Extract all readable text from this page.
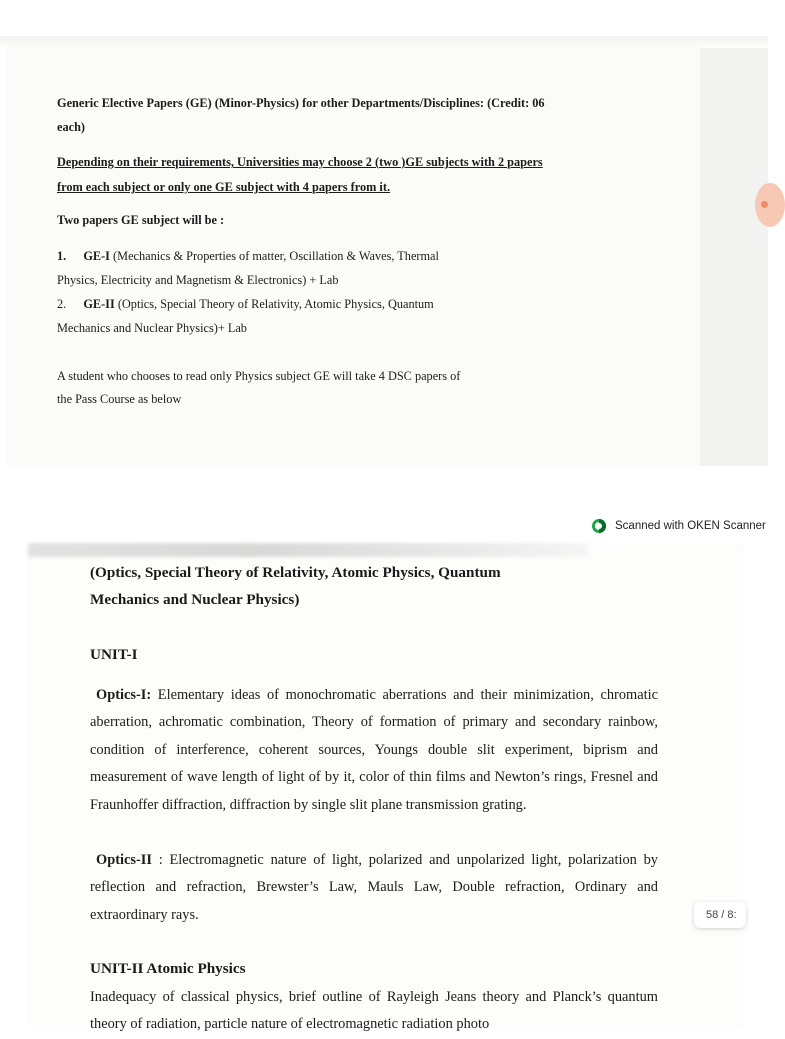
Generic Elective Papers (GE) (Minor-Physics) for other Departments/Disciplines: (Credit: 06

each)

Depending on their requirements, Universities may choose 2 (two )GE subjects with 2 papers

from each subject or only one GE subject with 4 papers from it.

Two papers GE subject will be :

1. GE-I (Mechanics & Properties of matter, Oscillation & Waves, Thermal

Physics, Electricity and Magnetism & Electronics) + Lab

2. GE-II (Optics, Special Theory of Relativity, Atomic Physics, Quantum

Mechanics and Nuclear Physics)+ Lab

A student who chooses to read only Physics subject GE will take 4 DSC papers of

the Pass Course as below

Scanned with OKEN Scanner

(Optics, Special Theory of Relativity, Atomic Physics, Quantum

Mechanics and Nuclear Physics)

UNIT-I

Optics-I: Elementary ideas of monochromatic aberrations and their minimization, chromatic aberration, achromatic combination, Theory of formation of primary and secondary rainbow, condition of interference, coherent sources, Youngs double slit experiment, biprism and measurement of wave length of light of by it, color of thin films and Newton’s rings, Fresnel and Fraunhoffer diffraction, diffraction by single slit plane transmission grating.

Optics-II : Electromagnetic nature of light, polarized and unpolarized light, polarization by reflection and refraction, Brewster’s Law, Mauls Law, Double refraction, Ordinary and extraordinary rays.

UNIT-II Atomic Physics

Inadequacy of classical physics, brief outline of Rayleigh Jeans theory and Planck’s quantum theory of radiation, particle nature of electromagnetic radiation photo

58 / 8:
